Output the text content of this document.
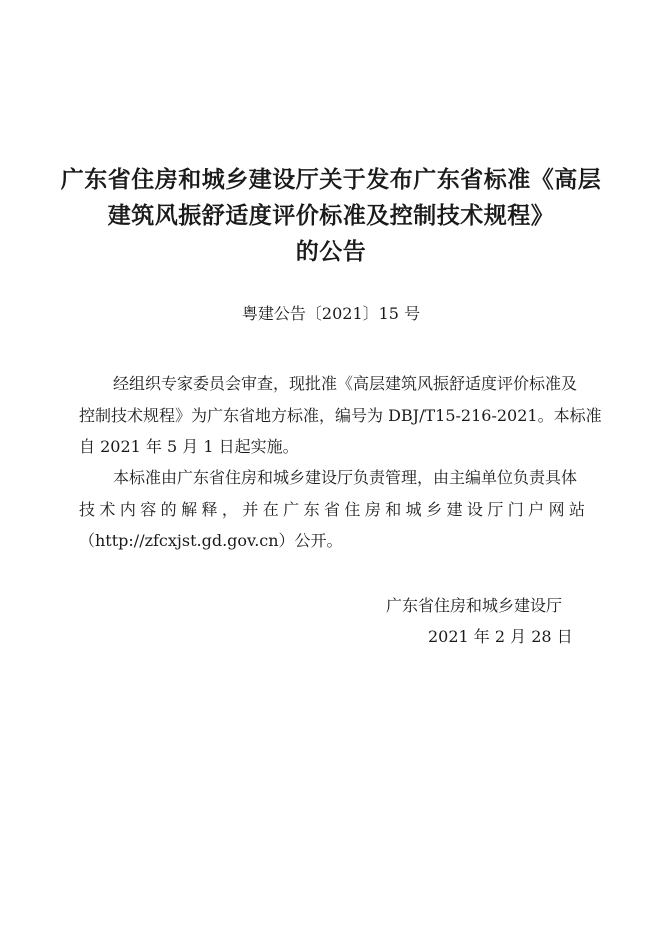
广东省住房和城乡建设厅关于发布广东省标准《高层
建筑风振舒适度评价标准及控制技术规程》
的公告
粤建公告〔2021〕15 号
经组织专家委员会审查，现批准《高层建筑风振舒适度评价标准及
控制技术规程》为广东省地方标准，编号为 DBJ/T15-216-2021。本标准
自 2021 年 5 月 1 日起实施。
本标准由广东省住房和城乡建设厅负责管理，由主编单位负责具体
技术内容的解释，并在广东省住房和城乡建设厅门户网站
（http://zfcxjst.gd.gov.cn）公开。
广东省住房和城乡建设厅
2021 年 2 月 28 日
